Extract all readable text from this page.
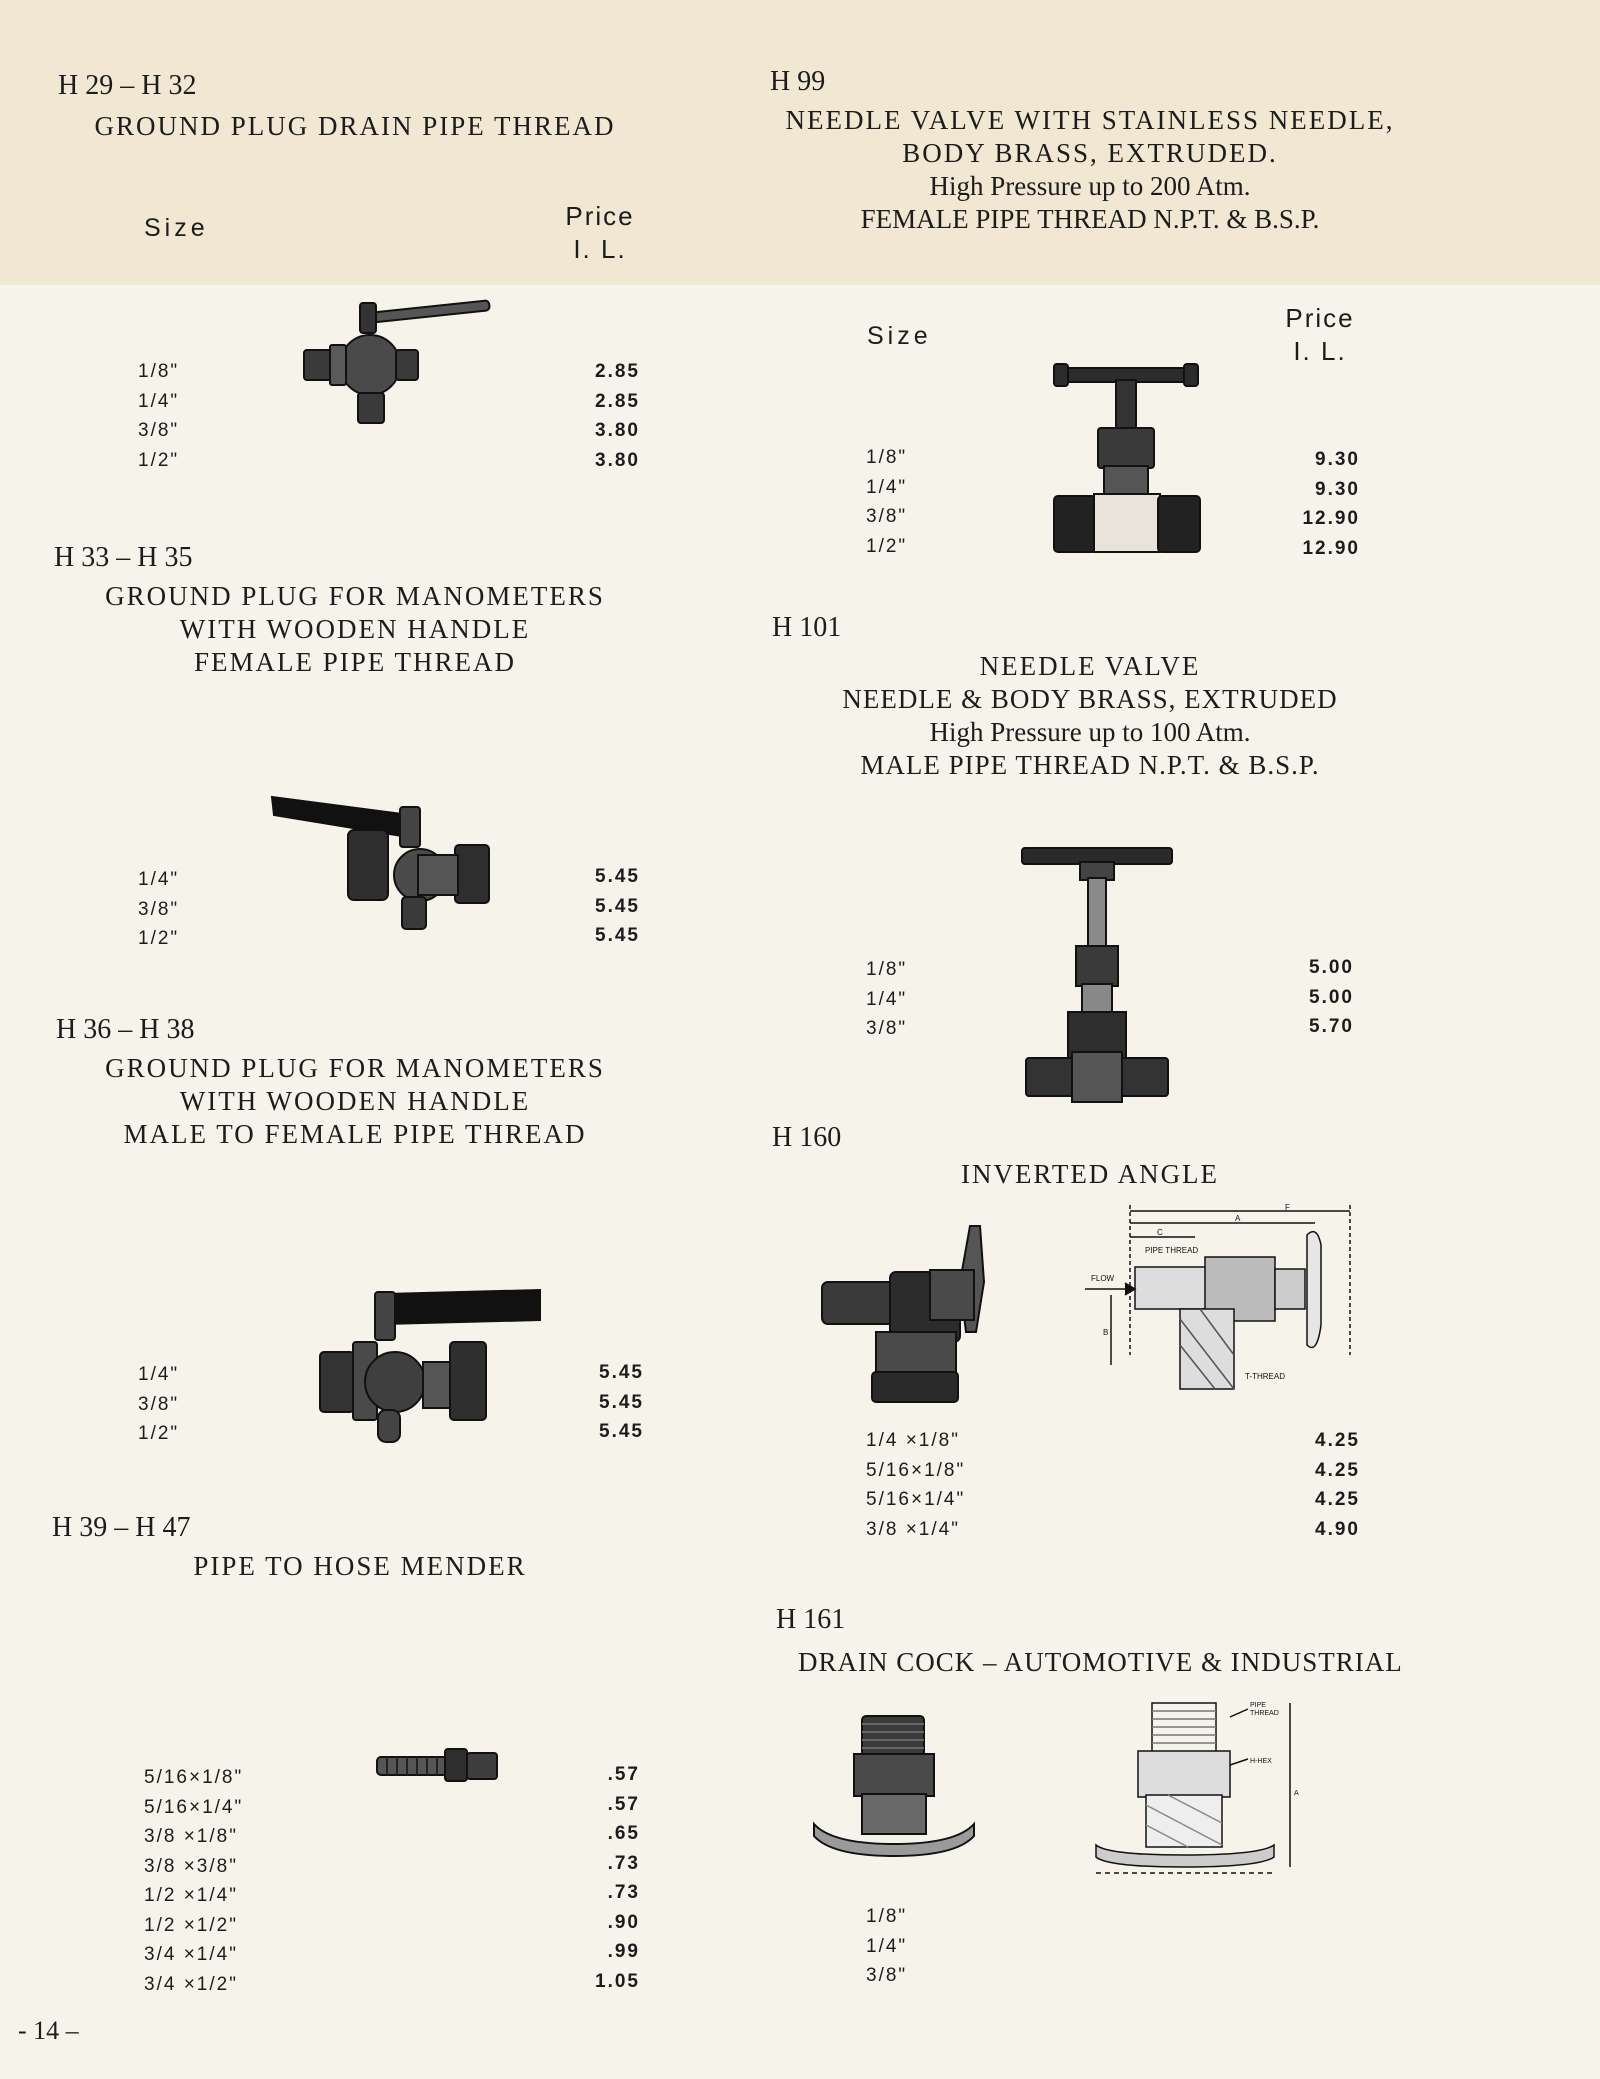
H 29 – H 32
GROUND PLUG DRAIN PIPE THREAD
Size	Price
I. L.
1/8"
1/4"
3/8"
1/2"
2.85
2.85
3.80
3.80
H 33 – H 35
GROUND PLUG FOR MANOMETERS
WITH WOODEN HANDLE
FEMALE PIPE THREAD
1/4"
3/8"
1/2"
5.45
5.45
5.45
H 36 – H 38
GROUND PLUG FOR MANOMETERS
WITH WOODEN HANDLE
MALE TO FEMALE PIPE THREAD
1/4"
3/8"
1/2"
5.45
5.45
5.45
H 39 – H 47
PIPE TO HOSE MENDER
5/16×1/8"
5/16×1/4"
3/8 ×1/8"
3/8 ×3/8"
1/2 ×1/4"
1/2 ×1/2"
3/4 ×1/4"
3/4 ×1/2"
.57
.57
.65
.73
.73
.90
.99
1.05
- 14 –
H 99
NEEDLE VALVE WITH STAINLESS NEEDLE,
BODY BRASS, EXTRUDED.
High Pressure up to 200 Atm.
FEMALE PIPE THREAD N.P.T. & B.S.P.
Size
Price
I. L.
1/8"
1/4"
3/8"
1/2"
9.30
9.30
12.90
12.90
H 101
NEEDLE VALVE
NEEDLE & BODY BRASS, EXTRUDED
High Pressure up to 100 Atm.
MALE PIPE THREAD N.P.T. & B.S.P.
1/8"
1/4"
3/8"
5.00
5.00
5.70
H 160
INVERTED ANGLE
PIPE THREAD
FLOW
T-THREAD
A
B
C
F
1/4 ×1/8"
5/16×1/8"
5/16×1/4"
3/8 ×1/4"
4.25
4.25
4.25
4.90
H 161
DRAIN COCK – AUTOMOTIVE & INDUSTRIAL
PIPE
THREAD
H-HEX
A
1/8"
1/4"
3/8"
